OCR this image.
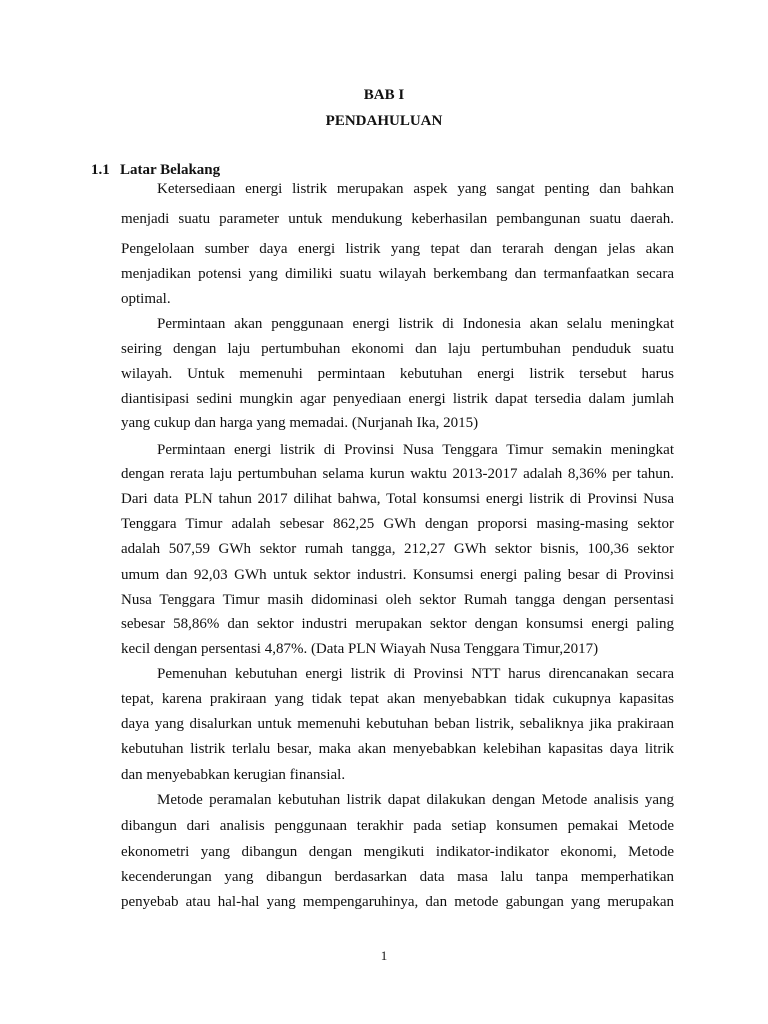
BAB I
PENDAHULUAN
1.1 Latar Belakang
Ketersediaan energi listrik merupakan aspek yang sangat penting dan bahkan
menjadi suatu parameter untuk mendukung keberhasilan pembangunan suatu daerah.
Pengelolaan sumber daya energi listrik yang tepat dan terarah dengan jelas akan
menjadikan potensi yang dimiliki suatu wilayah berkembang dan termanfaatkan secara
optimal.
Permintaan akan penggunaan energi listrik di Indonesia akan selalu meningkat
seiring dengan laju pertumbuhan ekonomi dan laju pertumbuhan penduduk suatu
wilayah. Untuk memenuhi permintaan kebutuhan energi listrik tersebut harus
diantisipasi sedini mungkin agar penyediaan energi listrik dapat tersedia dalam jumlah
yang cukup dan harga yang memadai. (Nurjanah Ika, 2015)
Permintaan energi listrik di Provinsi Nusa Tenggara Timur semakin meningkat
dengan rerata laju pertumbuhan selama kurun waktu 2013-2017 adalah 8,36% per tahun.
Dari data PLN tahun 2017 dilihat bahwa, Total konsumsi energi listrik di Provinsi Nusa
Tenggara Timur adalah sebesar 862,25 GWh dengan proporsi masing-masing sektor
adalah 507,59 GWh sektor rumah tangga, 212,27 GWh sektor bisnis, 100,36 sektor
umum dan 92,03 GWh untuk sektor industri. Konsumsi energi paling besar di Provinsi
Nusa Tenggara Timur masih didominasi oleh sektor Rumah tangga dengan persentasi
sebesar 58,86% dan sektor industri merupakan sektor dengan konsumsi energi paling
kecil dengan persentasi 4,87%. (Data PLN Wiayah Nusa Tenggara Timur,2017)
Pemenuhan kebutuhan energi listrik di Provinsi NTT harus direncanakan secara
tepat, karena prakiraan yang tidak tepat akan menyebabkan tidak cukupnya kapasitas
daya yang disalurkan untuk memenuhi kebutuhan beban listrik, sebaliknya jika prakiraan
kebutuhan listrik terlalu besar, maka akan menyebabkan kelebihan kapasitas daya litrik
dan menyebabkan kerugian finansial.
Metode peramalan kebutuhan listrik dapat dilakukan dengan Metode analisis yang
dibangun dari analisis penggunaan terakhir pada setiap konsumen pemakai Metode
ekonometri yang dibangun dengan mengikuti indikator-indikator ekonomi, Metode
kecenderungan yang dibangun berdasarkan data masa lalu tanpa memperhatikan
penyebab atau hal-hal yang mempengaruhinya, dan metode gabungan yang merupakan
1
